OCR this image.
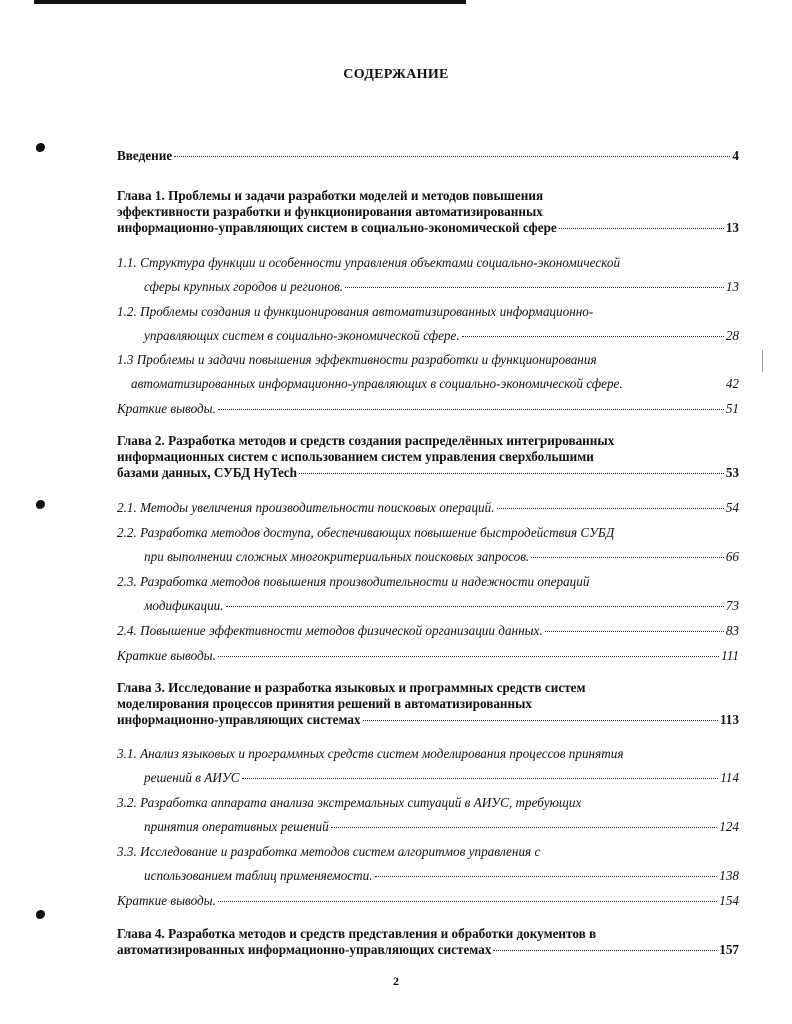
СОДЕРЖАНИЕ
Введение	4
Глава 1. Проблемы и задачи разработки моделей и методов повышения
эффективности разработки и функционирования автоматизированных
информационно-управляющих систем в социально-экономической сфере	13
1.1. Структура функции и особенности управления объектами социально-экономической
сферы крупных городов и регионов.	13
1.2. Проблемы создания и функционирования автоматизированных информационно-
управляющих систем в социально-экономической сфере.	28
1.3 Проблемы и задачи повышения эффективности разработки и функционирования
автоматизированных информационно-управляющих в социально-экономической сфере.	42
Краткие выводы.	51
Глава 2. Разработка методов и средств создания распределённых интегрированных
информационных систем с использованием систем управления сверхбольшими
базами данных, СУБД HyTech	53
2.1. Методы увеличения производительности поисковых операций.	54
2.2. Разработка методов доступа, обеспечивающих повышение быстродействия СУБД
при выполнении сложных многокритериальных поисковых запросов.	66
2.3. Разработка методов повышения производительности и надежности операций
модификации.	73
2.4. Повышение эффективности методов физической организации данных.	83
Краткие выводы.	111
Глава 3. Исследование и разработка языковых и программных средств систем
моделирования процессов принятия решений в автоматизированных
информационно-управляющих системах	113
3.1. Анализ языковых и программных средств систем моделирования процессов принятия
решений в АИУС	114
3.2. Разработка аппарата анализа экстремальных ситуаций в АИУС, требующих
принятия оперативных решений	124
3.3. Исследование и разработка методов систем алгоритмов управления с
использованием таблиц применяемости.	138
Краткие выводы.	154
Глава 4. Разработка методов и средств представления и обработки документов в
автоматизированных информационно-управляющих системах	157
2
